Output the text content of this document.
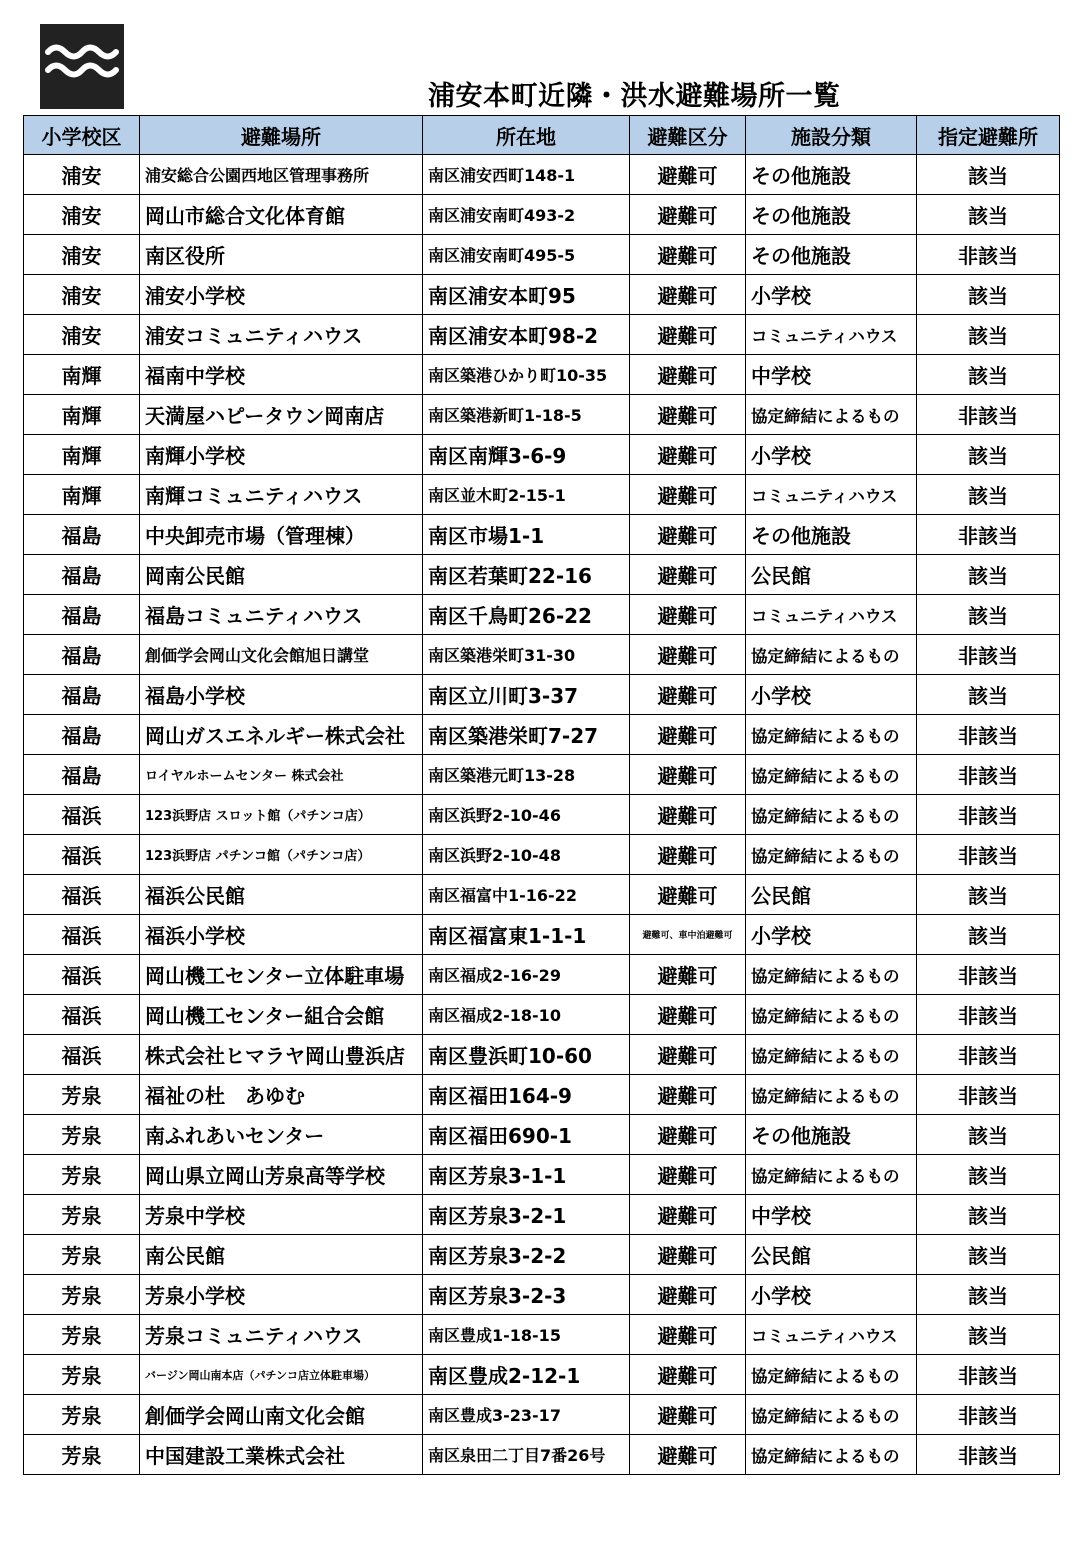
浦安本町近隣・洪水避難場所一覧
小学校区	避難場所	所在地	避難区分	施設分類	指定避難所
浦安	浦安総合公園西地区管理事務所	南区浦安西町148-1	避難可	その他施設	該当
浦安	岡山市総合文化体育館	南区浦安南町493-2	避難可	その他施設	該当
浦安	南区役所	南区浦安南町495-5	避難可	その他施設	非該当
浦安	浦安小学校	南区浦安本町95	避難可	小学校	該当
浦安	浦安コミュニティハウス	南区浦安本町98-2	避難可	コミュニティハウス	該当
南輝	福南中学校	南区築港ひかり町10-35	避難可	中学校	該当
南輝	天満屋ハピータウン岡南店	南区築港新町1-18-5	避難可	協定締結によるもの	非該当
南輝	南輝小学校	南区南輝3-6-9	避難可	小学校	該当
南輝	南輝コミュニティハウス	南区並木町2-15-1	避難可	コミュニティハウス	該当
福島	中央卸売市場（管理棟）	南区市場1-1	避難可	その他施設	非該当
福島	岡南公民館	南区若葉町22-16	避難可	公民館	該当
福島	福島コミュニティハウス	南区千鳥町26-22	避難可	コミュニティハウス	該当
福島	創価学会岡山文化会館旭日講堂	南区築港栄町31-30	避難可	協定締結によるもの	非該当
福島	福島小学校	南区立川町3-37	避難可	小学校	該当
福島	岡山ガスエネルギー株式会社	南区築港栄町7-27	避難可	協定締結によるもの	非該当
福島	ロイヤルホームセンター 株式会社	南区築港元町13-28	避難可	協定締結によるもの	非該当
福浜	123浜野店 スロット館（パチンコ店）	南区浜野2-10-46	避難可	協定締結によるもの	非該当
福浜	123浜野店 パチンコ館（パチンコ店）	南区浜野2-10-48	避難可	協定締結によるもの	非該当
福浜	福浜公民館	南区福富中1-16-22	避難可	公民館	該当
福浜	福浜小学校	南区福富東1-1-1	避難可、車中泊避難可	小学校	該当
福浜	岡山機工センター立体駐車場	南区福成2-16-29	避難可	協定締結によるもの	非該当
福浜	岡山機工センター組合会館	南区福成2-18-10	避難可	協定締結によるもの	非該当
福浜	株式会社ヒマラヤ岡山豊浜店	南区豊浜町10-60	避難可	協定締結によるもの	非該当
芳泉	福祉の杜　あゆむ	南区福田164-9	避難可	協定締結によるもの	非該当
芳泉	南ふれあいセンター	南区福田690-1	避難可	その他施設	該当
芳泉	岡山県立岡山芳泉高等学校	南区芳泉3-1-1	避難可	協定締結によるもの	該当
芳泉	芳泉中学校	南区芳泉3-2-1	避難可	中学校	該当
芳泉	南公民館	南区芳泉3-2-2	避難可	公民館	該当
芳泉	芳泉小学校	南区芳泉3-2-3	避難可	小学校	該当
芳泉	芳泉コミュニティハウス	南区豊成1-18-15	避難可	コミュニティハウス	該当
芳泉	バージン岡山南本店（パチンコ店立体駐車場）	南区豊成2-12-1	避難可	協定締結によるもの	非該当
芳泉	創価学会岡山南文化会館	南区豊成3-23-17	避難可	協定締結によるもの	非該当
芳泉	中国建設工業株式会社	南区泉田二丁目7番26号	避難可	協定締結によるもの	非該当
